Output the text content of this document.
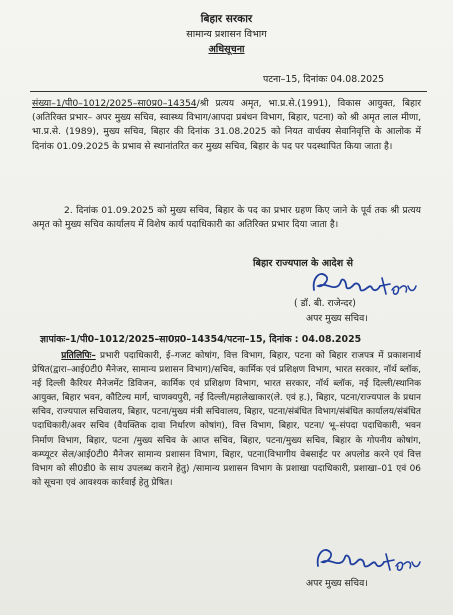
बिहार सरकार
सामान्य प्रशासन विभाग
अधिसूचना
पटना–15, दिनांकः 04.08.2025

संख्या–1/पी0–1012/2025–सा0प्र0–14354/श्री प्रत्यय अमृत, भा.प्र.से.(1991), विकास आयुक्त, बिहार (अतिरिक्त प्रभार– अपर मुख्य सचिव, स्वास्थ्य विभाग/आपदा प्रबंधन विभाग, बिहार, पटना) को श्री अमृत लाल मीणा, भा.प्र.से. (1989), मुख्य सचिव, बिहार की दिनांक 31.08.2025 को नियत वार्धक्य सेवानिवृत्ति के आलोक में दिनांक 01.09.2025 के प्रभाव से स्थानांतरित कर मुख्य सचिव, बिहार के पद पर पदस्थापित किया जाता है।

2. दिनांक 01.09.2025 को मुख्य सचिव, बिहार के पद का प्रभार ग्रहण किए जाने के पूर्व तक श्री प्रत्यय अमृत को मुख्य सचिव कार्यालय में विशेष कार्य पदाधिकारी का अतिरिक्त प्रभार दिया जाता है।

बिहार राज्यपाल के आदेश से
( डॉ. बी. राजेन्दर)
अपर मुख्य सचिव।
ज्ञापांकः–1/पी0–1012/2025–सा0प्र0–14354/पटना–15, दिनांक : 04.08.2025

प्रतिलिपिः– प्रभारी पदाधिकारी, ई–गजट कोषांग, वित्त विभाग, बिहार, पटना को बिहार राजपत्र में प्रकाशनार्थ प्रेषित(द्वारा–आई0टी0 मैनेजर, सामान्य प्रशासन विभाग)/सचिव, कार्मिक एवं प्रशिक्षण विभाग, भारत सरकार, नॉर्थ ब्लॉक, नई दिल्ली कैरियर मैनेजमेंट डिविजन, कार्मिक एवं प्रशिक्षण विभाग, भारत सरकार, नॉर्थ ब्लॉक, नई दिल्ली/स्थानिक आयुक्त, बिहार भवन, कौटिल्य मार्ग, चाणक्यपुरी, नई दिल्ली/महालेखाकार(ले. एवं ह.), बिहार, पटना/राज्यपाल के प्रधान सचिव, राज्यपाल सचिवालय, बिहार, पटना/मुख्य मंत्री सचिवालय, बिहार, पटना/संबंधित विभाग/संबंधित कार्यालय/संबंधित पदाधिकारी/अवर सचिव (वैयक्तिक दावा निर्धारण कोषांग), वित्त विभाग, बिहार, पटना/ भू–संपदा पदाधिकारी, भवन निर्माण विभाग, बिहार, पटना /मुख्य सचिव के आप्त सचिव, बिहार, पटना/मुख्य सचिव, बिहार के गोपनीय कोषांग, कम्प्यूटर सेल/आई0टी0 मैनेजर सामान्य प्रशासन विभाग, बिहार, पटना(विभागीय वेबसाईट पर अपलोड करने एवं वित्त विभाग को सी0डी0 के साथ उपलब्ध कराने हेतु) /सामान्य प्रशासन विभाग के प्रशाखा पदाधिकारी, प्रशाखा–01 एवं 06 को सूचना एवं आवश्यक कार्रवाई हेतु प्रेषित।

अपर मुख्य सचिव।
